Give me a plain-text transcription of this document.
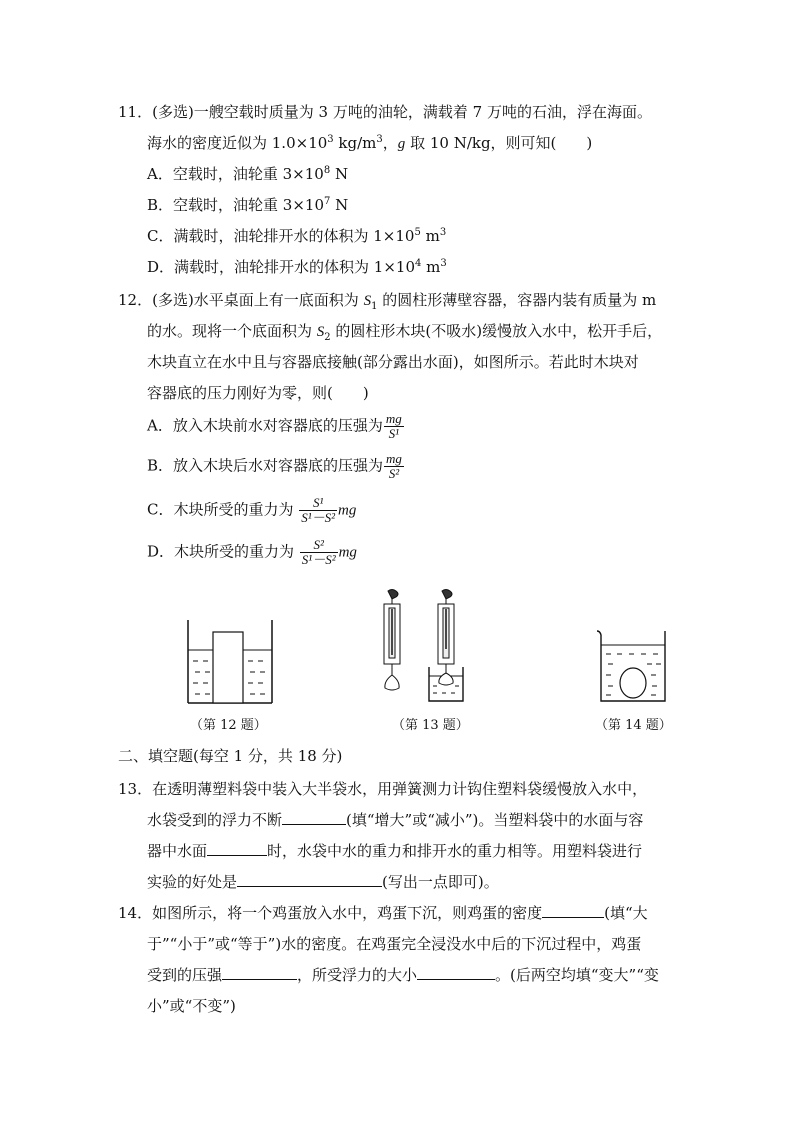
11．(多选)一艘空载时质量为 3 万吨的油轮，满载着 7 万吨的石油，浮在海面。
海水的密度近似为 $1.0\times 10^3$ $kg/m^3$，g 取 10 N/kg，则可知(　　)
A．空载时，油轮重 $3\times 10^8$ N
B．空载时，油轮重 $3\times 10^7$ N
C．满载时，油轮排开水的体积为 $1\times 10^5$ $m^3$
D．满载时，油轮排开水的体积为 $1\times 10^4$ $m^3$
12．(多选)水平桌面上有一底面积为 $S_1$ 的圆柱形薄壁容器，容器内装有质量为 m
的水。现将一个底面积为 $S_2$ 的圆柱形木块(不吸水)缓慢放入水中，松开手后，
木块直立在水中且与容器底接触(部分露出水面)，如图所示。若此时木块对
容器底的压力刚好为零，则(　　)
A．放入木块前水对容器底的压强为 $\frac{mg}{\text{S¹}}$
B．放入木块后水对容器底的压强为 $\frac{mg}{\text{S²}}$
C．木块所受的重力为 $\frac{\text{S¹}}{\text{S¹－S²}}$ mg
D．木块所受的重力为 $\frac{\text{S²}}{\text{S¹－S²}}$ mg
（第 12 题）	（第 13 题）	（第 14 题）
二、填空题(每空 1 分，共 18 分)
13．在透明薄塑料袋中装入大半袋水，用弹簧测力计钩住塑料袋缓慢放入水中，
水袋受到的浮力不断	(填“增大”或“减小”)。当塑料袋中的水面与容
器中水面	时，水袋中水的重力和排开水的重力相等。用塑料袋进行
实验的好处是	(写出一点即可)。
14．如图所示，将一个鸡蛋放入水中，鸡蛋下沉，则鸡蛋的密度	(填“大
于”“小于”或“等于”)水的密度。在鸡蛋完全浸没水中后的下沉过程中，鸡蛋
受到的压强	，所受浮力的大小	。(后两空均填“变大”“变
小”或“不变”)
